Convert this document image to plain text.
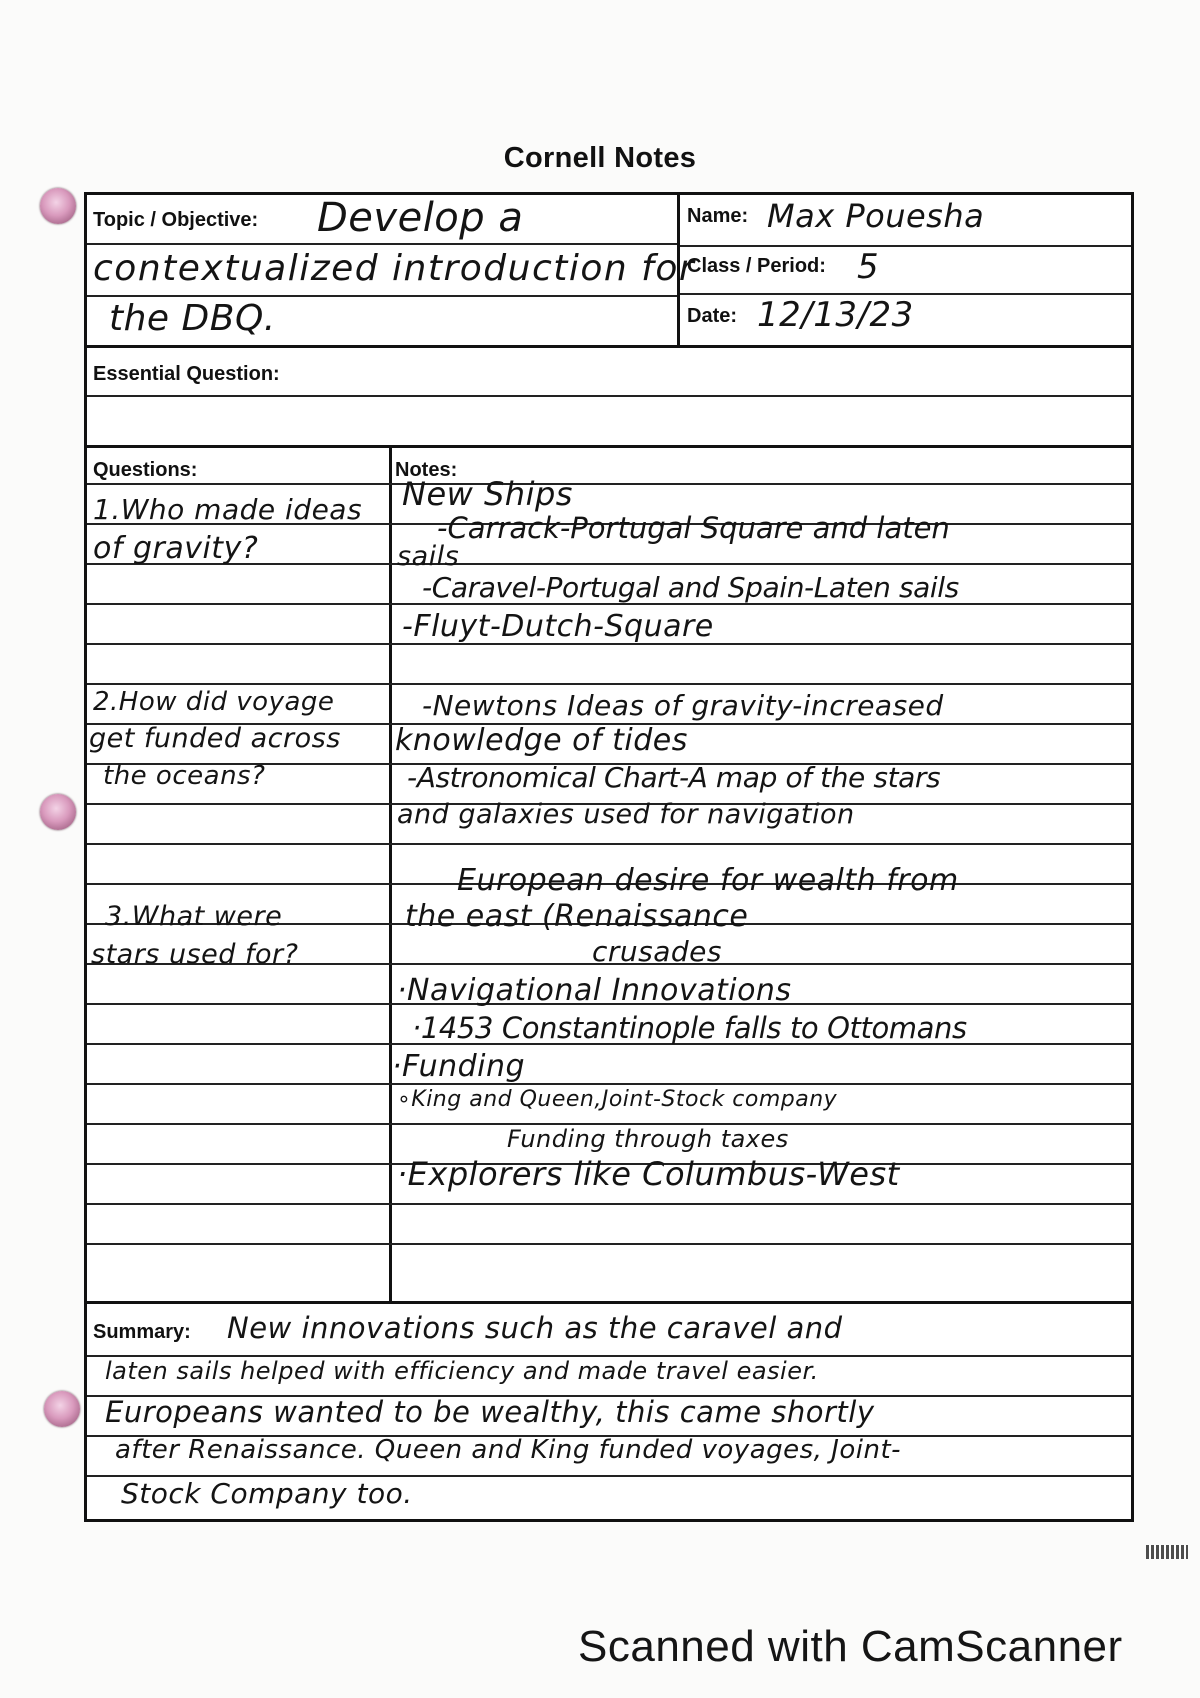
Cornell Notes
Topic / Objective: Develop a
contextualized introduction for
the DBQ.
Name: Max Pouesha
Class / Period: 5
Date: 12/13/23
Essential Question:
Questions:	Notes:
1.Who made ideas
of gravity?
2.How did voyage
get funded across
the oceans?
3.What were
stars used for?
New Ships
-Carrack-Portugal Square and laten
sails
-Caravel-Portugal and Spain-Laten sails
-Fluyt-Dutch-Square
-Newtons Ideas of gravity-increased
knowledge of tides
-Astronomical Chart-A map of the stars
and galaxies used for navigation
European desire for wealth from
the east (Renaissance
crusades
·Navigational Innovations
·1453 Constantinople falls to Ottomans
·Funding
∘King and Queen,Joint-Stock company
Funding through taxes
·Explorers like Columbus-West
Summary: New innovations such as the caravel and
laten sails helped with efficiency and made travel easier.
Europeans wanted to be wealthy, this came shortly
after Renaissance. Queen and King funded voyages, Joint-
Stock Company too.
Scanned with CamScanner
